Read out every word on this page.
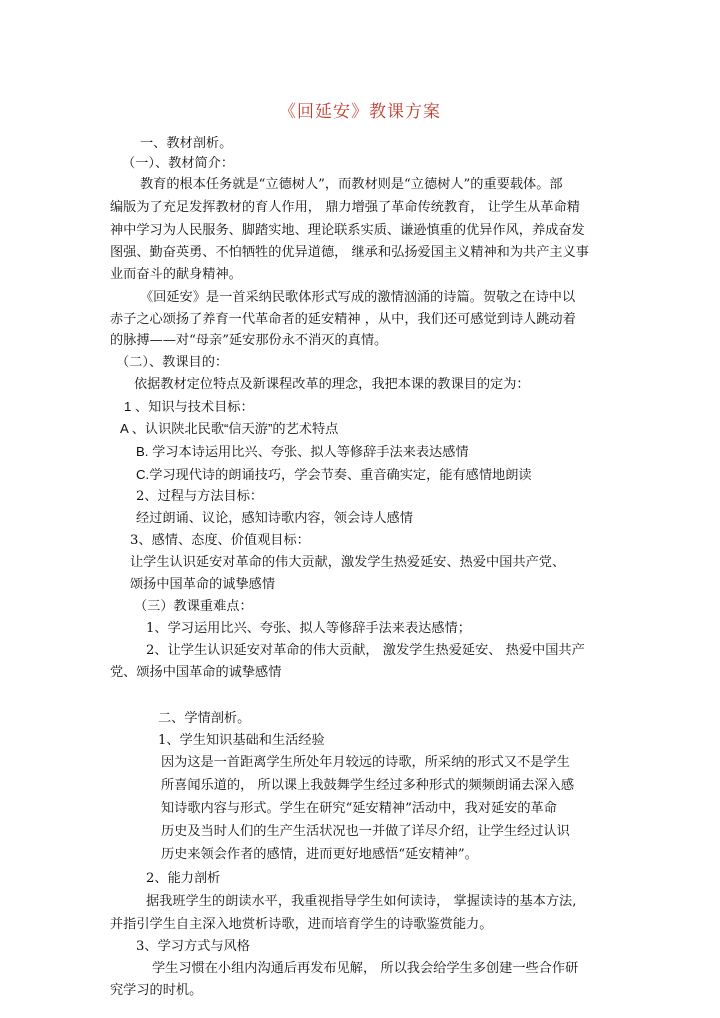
《回延安》教课方案
一、教材剖析。
（一）、教材简介：
教育的根本任务就是“立德树人”，而教材则是“立德树人”的重要载体。部
编版为了充足发挥教材的育人作用， 鼎力增强了革命传统教育， 让学生从革命精
神中学习为人民服务、脚踏实地、理论联系实质、谦逊慎重的优异作风，养成奋发
图强、勤奋英勇、不怕牺牲的优异道德， 继承和弘扬爱国主义精神和为共产主义事
业而奋斗的献身精神。
《回延安》是一首采纳民歌体形式写成的激情汹涌的诗篇。贺敬之在诗中以
赤子之心颂扬了养育一代革命者的延安精神 ，从中，我们还可感觉到诗人跳动着
的脉搏——对“母亲”延安那份永不消灭的真情。
（二）、教课目的：
依据教材定位特点及新课程改革的理念，我把本课的教课目的定为：
1 、知识与技术目标：
A 、认识陕北民歌“信天游”的艺术特点
B. 学习本诗运用比兴、夸张、拟人等修辞手法来表达感情
C.学习现代诗的朗诵技巧，学会节奏、重音确实定，能有感情地朗读
2、过程与方法目标：
经过朗诵、议论，感知诗歌内容，领会诗人感情
3、感情、态度、价值观目标：
让学生认识延安对革命的伟大贡献，激发学生热爱延安、热爱中国共产党、
颂扬中国革命的诚挚感情
（三）教课重难点：
1、学习运用比兴、夸张、拟人等修辞手法来表达感情；
2、让学生认识延安对革命的伟大贡献， 激发学生热爱延安、 热爱中国共产
党、颂扬中国革命的诚挚感情
二、学情剖析。
1、学生知识基础和生活经验
因为这是一首距离学生所处年月较远的诗歌，所采纳的形式又不是学生
所喜闻乐道的， 所以课上我鼓舞学生经过多种形式的频频朗诵去深入感
知诗歌内容与形式。学生在研究“延安精神”活动中，我对延安的革命
历史及当时人们的生产生活状况也一并做了详尽介绍，让学生经过认识
历史来领会作者的感情，进而更好地感悟“延安精神”。
2、能力剖析
据我班学生的朗读水平，我重视指导学生如何读诗， 掌握读诗的基本方法,
并指引学生自主深入地赏析诗歌，进而培育学生的诗歌鉴赏能力。
3、学习方式与风格
学生习惯在小组内沟通后再发布见解， 所以我会给学生多创建一些合作研
究学习的时机。
